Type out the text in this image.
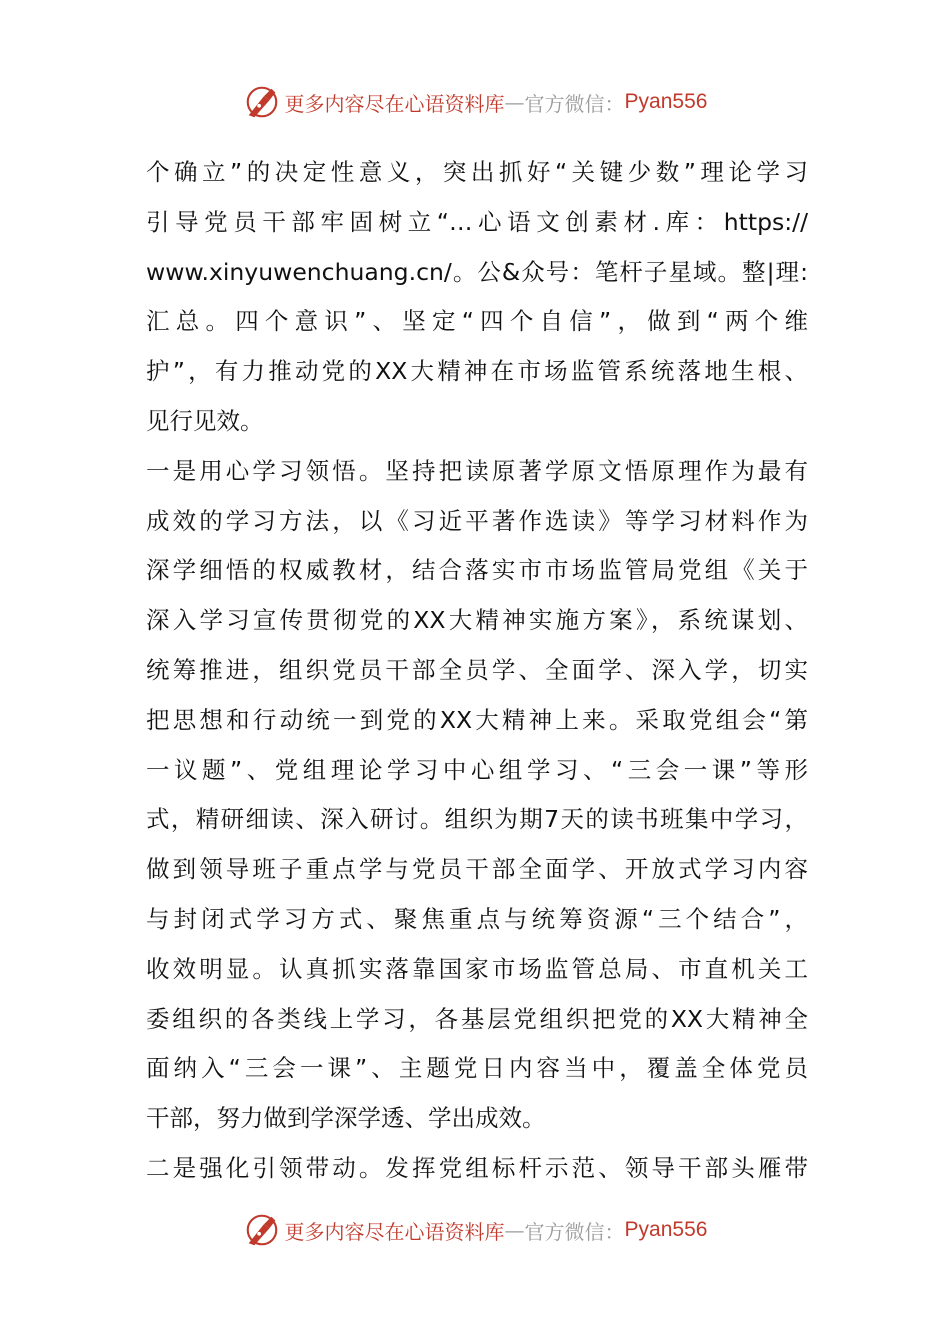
更多内容尽在心语资料库 — 官方微信： Pyan556
个确立”的决定性意义，突出抓好“关键少数”理论学习
引导党员干部牢固树立“…心语文创素材.库：https://
www.xinyuwenchuang.cn/。公&众号：笔杆子星域。整|理:
汇总。四个意识”、坚定“四个自信”，做到“两个维
护”，有力推动党的XX大精神在市场监管系统落地生根、
见行见效。
一是用心学习领悟。坚持把读原著学原文悟原理作为最有
成效的学习方法，以《习近平著作选读》等学习材料作为
深学细悟的权威教材，结合落实市市场监管局党组《关于
深入学习宣传贯彻党的XX大精神实施方案》，系统谋划、
统筹推进，组织党员干部全员学、全面学、深入学，切实
把思想和行动统一到党的XX大精神上来。采取党组会“第
一议题”、党组理论学习中心组学习、“三会一课”等形
式，精研细读、深入研讨。组织为期7天的读书班集中学习，
做到领导班子重点学与党员干部全面学、开放式学习内容
与封闭式学习方式、聚焦重点与统筹资源“三个结合”，
收效明显。认真抓实落靠国家市场监管总局、市直机关工
委组织的各类线上学习，各基层党组织把党的XX大精神全
面纳入“三会一课”、主题党日内容当中，覆盖全体党员
干部，努力做到学深学透、学出成效。
二是强化引领带动。发挥党组标杆示范、领导干部头雁带
更多内容尽在心语资料库 — 官方微信： Pyan556
